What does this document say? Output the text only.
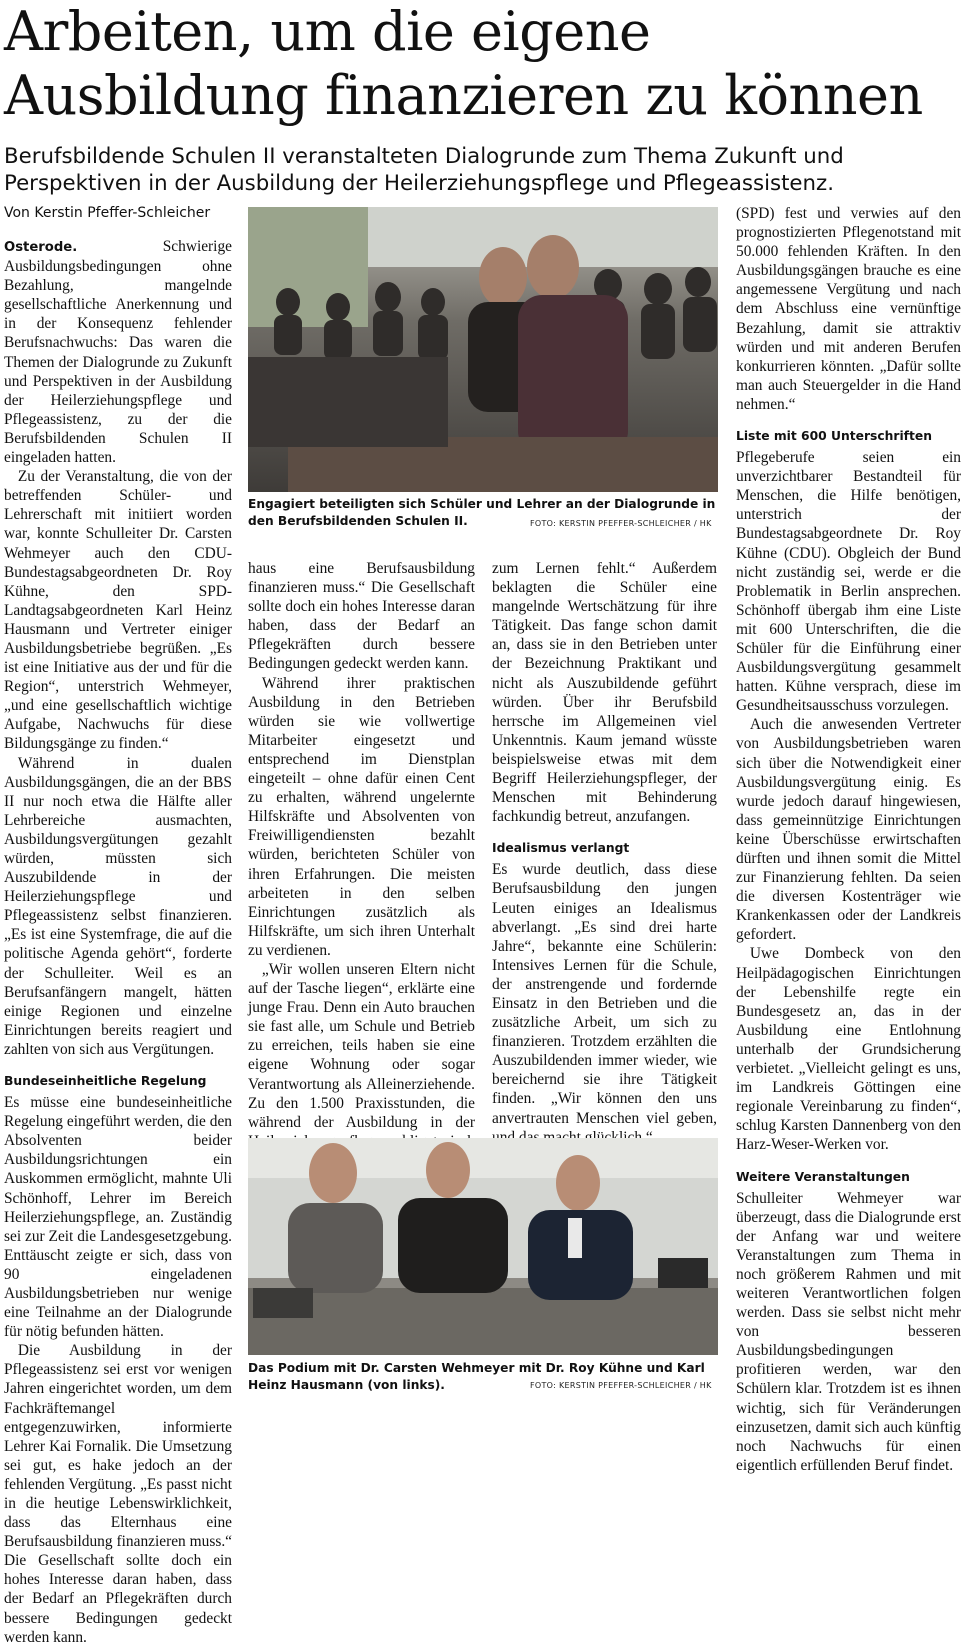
Arbeiten, um die eigene
Ausbildung finanzieren zu können
Berufsbildende Schulen II veranstalteten Dialogrunde zum Thema Zukunft und
Perspektiven in der Ausbildung der Heilerziehungspflege und Pflegeassistenz.
Von Kerstin Pfeffer-Schleicher

Osterode.	Schwierige Ausbildungsbedingungen ohne Bezahlung, mangelnde gesellschaftliche Anerkennung und in der Konsequenz fehlender Berufsnachwuchs: Das waren die Themen der Dialogrunde zu Zukunft und Perspektiven in der Ausbildung der Heilerziehungspflege und Pflegeassistenz, zu der die Berufsbildenden Schulen II eingeladen hatten.

Zu der Veranstaltung, die von der betreffenden Schüler- und Lehrerschaft mit initiiert worden war, konnte Schulleiter Dr. Carsten Wehmeyer auch den CDU-Bundestagsabgeordneten Dr. Roy Kühne, den SPD-Landtagsabgeordneten Karl Heinz Hausmann und Vertreter einiger Ausbildungsbetriebe begrüßen. „Es ist eine Initiative aus der und für die Region“, unterstrich Wehmeyer, „und eine gesellschaftlich wichtige Aufgabe, Nachwuchs für diese Bildungsgänge zu finden.“

Während in dualen Ausbildungsgängen, die an der BBS II nur noch etwa die Hälfte aller Lehrbereiche ausmachten, Ausbildungsvergütungen gezahlt würden, müssten sich Auszubildende in der Heilerziehungspflege und Pflegeassistenz selbst finanzieren. „Es ist eine Systemfrage, die auf die politische Agenda gehört“, forderte der Schulleiter. Weil es an Berufsanfängern mangelt, hätten einige Regionen und einzelne Einrichtungen bereits reagiert und zahlten von sich aus Vergütungen.

Bundeseinheitliche Regelung

Es müsse eine bundeseinheitliche Regelung eingeführt werden, die den Absolventen beider Ausbildungsrichtungen ein Auskommen ermöglicht, mahnte Uli Schönhoff, Lehrer im Bereich Heilerziehungspflege, an. Zuständig sei zur Zeit die Landesgesetzgebung. Enttäuscht zeigte er sich, dass von 90 eingeladenen Ausbildungsbetrieben nur wenige eine Teilnahme an der Dialogrunde für nötig befunden hätten.

Die Ausbildung in der Pflegeassistenz sei erst vor wenigen Jahren eingerichtet worden, um dem Fachkräftemangel entgegenzuwirken, informierte Lehrer Kai Fornalik. Die Umsetzung sei gut, es hake jedoch an der fehlenden Vergütung. „Es passt nicht in die heutige Lebenswirklichkeit, dass das Elternhaus eine Berufsausbildung finanzieren muss.“ Die Gesellschaft sollte doch ein hohes Interesse daran haben, dass der Bedarf an Pflegekräften durch bessere Bedingungen gedeckt werden kann.

Engagiert beteiligten sich Schüler und Lehrer an der Dialogrunde in den Berufsbildenden Schulen II.	FOTO: KERSTIN PFEFFER-SCHLEICHER / HK

haus eine Berufsausbildung finanzieren muss.“ Die Gesellschaft sollte doch ein hohes Interesse daran haben, dass der Bedarf an Pflegekräften durch bessere Bedingungen gedeckt werden kann.

Während ihrer praktischen Ausbildung in den Betrieben würden sie wie vollwertige Mitarbeiter eingesetzt und entsprechend im Dienstplan eingeteilt – ohne dafür einen Cent zu erhalten, während ungelernte Hilfskräfte und Absolventen von Freiwilligendiensten bezahlt würden, berichteten Schüler von ihren Erfahrungen. Die meisten arbeiteten in den selben Einrichtungen zusätzlich als Hilfskräfte, um sich ihren Unterhalt zu verdienen.

„Wir wollen unseren Eltern nicht auf der Tasche liegen“, erklärte eine junge Frau. Denn ein Auto brauchen sie fast alle, um Schule und Betrieb zu erreichen, teils haben sie eine eigene Wohnung oder sogar Verantwortung als Alleinerziehende. Zu den 1.500 Praxisstunden, die während der Ausbildung in der

zum Lernen fehlt.“ Außerdem beklagten die Schüler eine mangelnde Wertschätzung für ihre Tätigkeit. Das fange schon damit an, dass sie in den Betrieben unter der Bezeichnung Praktikant und nicht als Auszubildende geführt würden. Über ihr Berufsbild herrsche im Allgemeinen viel Unkenntnis. Kaum jemand wüsste beispielsweise etwas mit dem Begriff Heilerziehungspfleger, der Menschen mit Behinderung fachkundig betreut, anzufangen.

Idealismus verlangt

Es wurde deutlich, dass diese Berufsausbildung den jungen Leuten einiges an Idealismus abverlangt. „Es sind drei harte Jahre“, bekannte eine Schülerin: Intensives Lernen für die Schule, der anstrengende und fordernde Einsatz in den Betrieben und die zusätzliche Arbeit, um sich zu finanzieren. Trotzdem erzählten die Auszubildenden immer wieder, wie bereichernd sie ihre Tätigkeit finden. „Wir können den uns anvertrauten Menschen viel geben,

Das Podium mit Dr. Carsten Wehmeyer mit Dr. Roy Kühne und Karl Heinz Hausmann (von links).	FOTO: KERSTIN PFEFFER-SCHLEICHER / HK

(SPD) fest und verwies auf den prognostizierten Pflegenotstand mit 50.000 fehlenden Kräften. In den Ausbildungsgängen brauche es eine angemessene Vergütung und nach dem Abschluss eine vernünftige Bezahlung, damit sie attraktiv würden und mit anderen Berufen konkurrieren könnten. „Dafür sollte man auch Steuergelder in die Hand nehmen.“

Liste mit 600 Unterschriften

Pflegeberufe seien ein unverzichtbarer Bestandteil für Menschen, die Hilfe benötigen, unterstrich der Bundestagsabgeordnete Dr. Roy Kühne (CDU). Obgleich der Bund nicht zuständig sei, werde er die Problematik in Berlin ansprechen. Schönhoff übergab ihm eine Liste mit 600 Unterschriften, die die Schüler für die Einführung einer Ausbildungsvergütung gesammelt hatten. Kühne versprach, diese im Gesundheitsausschuss vorzulegen.

Auch die anwesenden Vertreter von Ausbildungsbetrieben waren sich über die Notwendigkeit einer Ausbildungsvergütung einig. Es wurde jedoch darauf hingewiesen, dass gemeinnützige Einrichtungen keine Überschüsse erwirtschaften dürften und ihnen somit die Mittel zur Finanzierung fehlten. Da seien die diversen Kostenträger wie Krankenkassen oder der Landkreis gefordert.

Uwe Dombeck von den Heilpädagogischen Einrichtungen der Lebenshilfe regte ein Bundesgesetz an, das in der Ausbildung eine Entlohnung unterhalb der Grundsicherung verbietet. „Vielleicht gelingt es uns, im Landkreis Göttingen eine regionale Vereinbarung zu finden“, schlug Karsten Dannenberg von den Harz-Weser-Werken vor.

Weitere Veranstaltungen

Schulleiter Wehmeyer war überzeugt, dass die Dialogrunde erst der Anfang war und weitere Veranstaltungen zum Thema in noch größerem Rahmen und mit weiteren Verantwortlichen folgen werden. Dass sie selbst nicht mehr von besseren Ausbildungsbedingungen profitieren werden, war den Schülern klar. Trotzdem ist es ihnen wichtig, sich für Veränderungen einzusetzen, damit sich auch künftig noch Nachwuchs für einen eigentlich erfüllenden Beruf findet.
